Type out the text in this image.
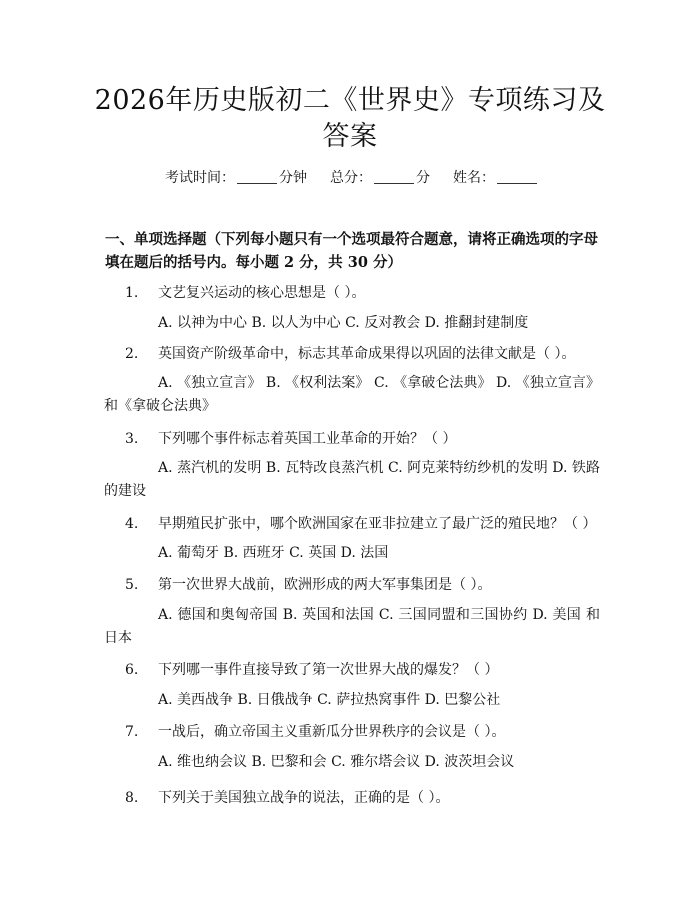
2026年历史版初二《世界史》专项练习及答案
考试时间：	分钟 总分：	分 姓名：
一、单项选择题（下列每小题只有一个选项最符合题意，请将正确选项的字母填在题后的括号内。每小题 2 分，共 30 分）
1. 文艺复兴运动的核心思想是（ ）。
A. 以神为中心 B. 以人为中心 C. 反对教会 D. 推翻封建制度
2. 英国资产阶级革命中，标志其革命成果得以巩固的法律文献是（ ）。
A. 《独立宣言》 B. 《权利法案》 C. 《拿破仑法典》 D. 《独立宣言》和《拿破仑法典》
3. 下列哪个事件标志着英国工业革命的开始？（ ）
A. 蒸汽机的发明 B. 瓦特改良蒸汽机 C. 阿克莱特纺纱机的发明 D. 铁路的建设
4. 早期殖民扩张中，哪个欧洲国家在亚非拉建立了最广泛的殖民地？（ ）
A. 葡萄牙 B. 西班牙 C. 英国 D. 法国
5. 第一次世界大战前，欧洲形成的两大军事集团是（ ）。
A. 德国和奥匈帝国 B. 英国和法国 C. 三国同盟和三国协约 D. 美国 和日本
6. 下列哪一事件直接导致了第一次世界大战的爆发？（ ）
A. 美西战争 B. 日俄战争 C. 萨拉热窝事件 D. 巴黎公社
7. 一战后，确立帝国主义重新瓜分世界秩序的会议是（ ）。
A. 维也纳会议 B. 巴黎和会 C. 雅尔塔会议 D. 波茨坦会议
8. 下列关于美国独立战争的说法，正确的是（ ）。
